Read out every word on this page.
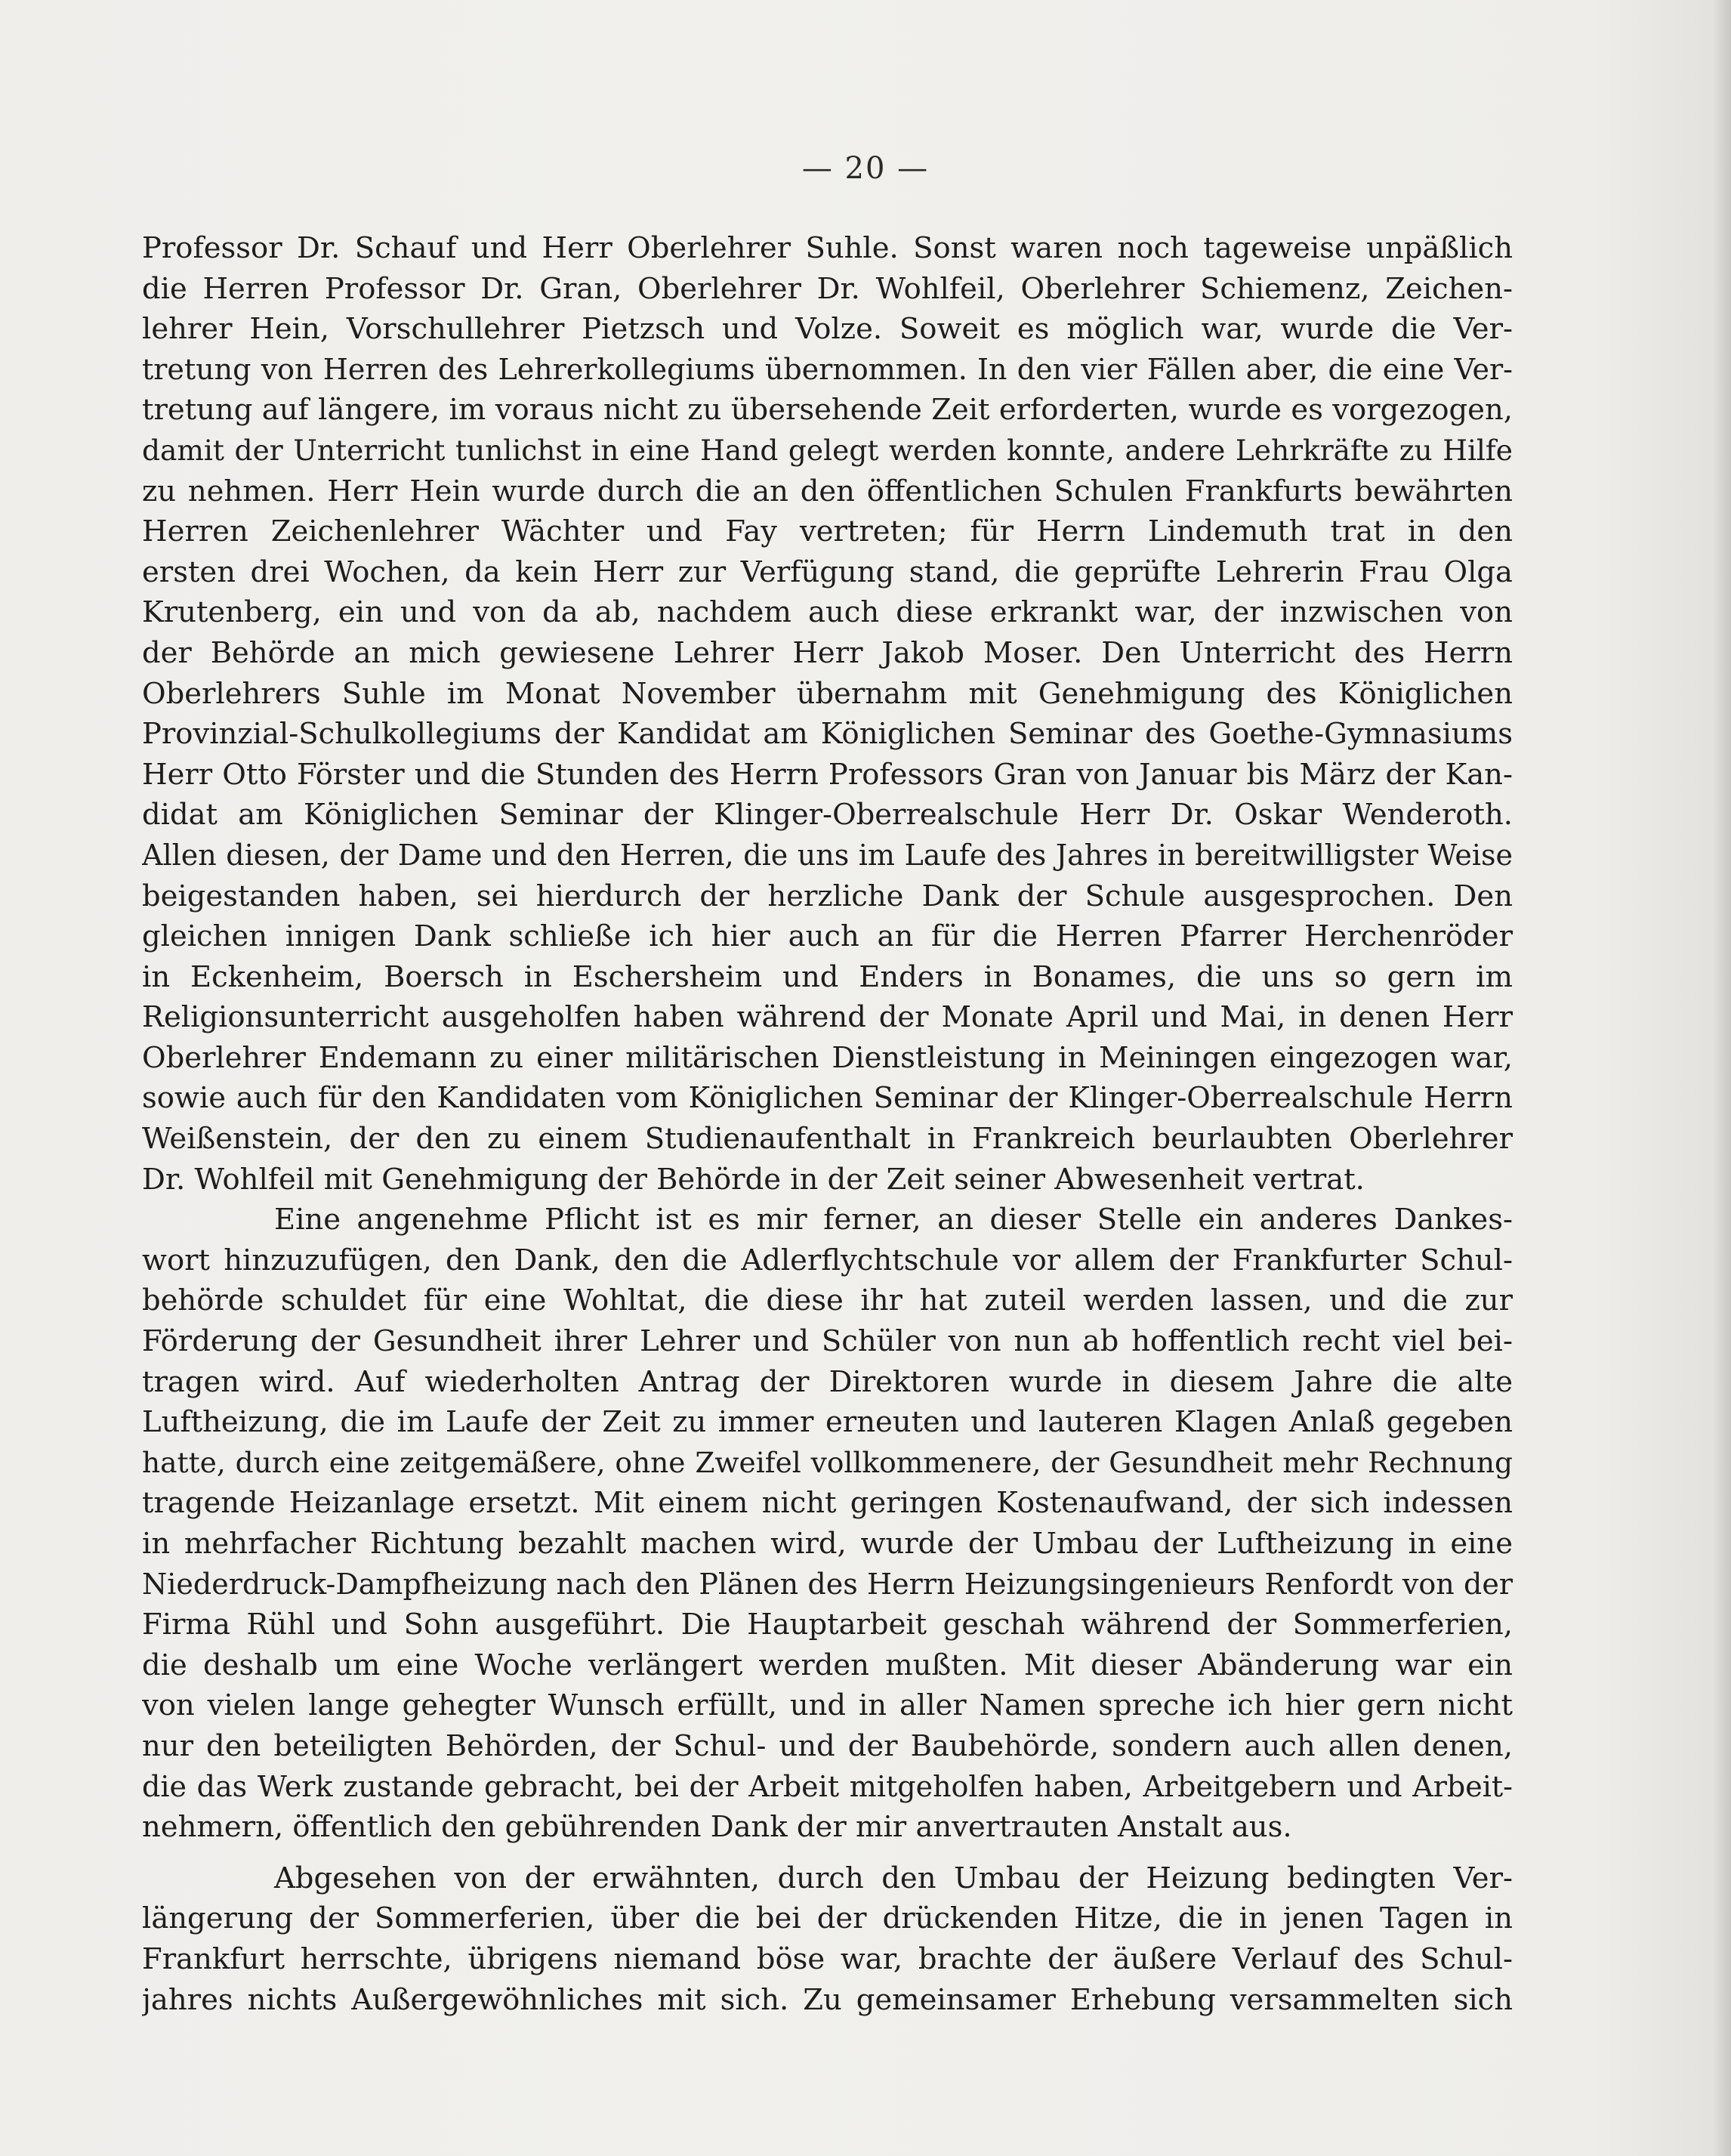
— 20 —
Professor Dr. Schauf und Herr Oberlehrer Suhle. Sonst waren noch tageweise unpäßlich
die Herren Professor Dr. Gran, Oberlehrer Dr. Wohlfeil, Oberlehrer Schiemenz, Zeichen-
lehrer Hein, Vorschullehrer Pietzsch und Volze. Soweit es möglich war, wurde die Ver-
tretung von Herren des Lehrerkollegiums übernommen. In den vier Fällen aber, die eine Ver-
tretung auf längere, im voraus nicht zu übersehende Zeit erforderten, wurde es vorgezogen,
damit der Unterricht tunlichst in eine Hand gelegt werden konnte, andere Lehrkräfte zu Hilfe
zu nehmen. Herr Hein wurde durch die an den öffentlichen Schulen Frankfurts bewährten
Herren Zeichenlehrer Wächter und Fay vertreten; für Herrn Lindemuth trat in den
ersten drei Wochen, da kein Herr zur Verfügung stand, die geprüfte Lehrerin Frau Olga
Krutenberg, ein und von da ab, nachdem auch diese erkrankt war, der inzwischen von
der Behörde an mich gewiesene Lehrer Herr Jakob Moser. Den Unterricht des Herrn
Oberlehrers Suhle im Monat November übernahm mit Genehmigung des Königlichen
Provinzial-Schulkollegiums der Kandidat am Königlichen Seminar des Goethe-Gymnasiums
Herr Otto Förster und die Stunden des Herrn Professors Gran von Januar bis März der Kan-
didat am Königlichen Seminar der Klinger-Oberrealschule Herr Dr. Oskar Wenderoth.
Allen diesen, der Dame und den Herren, die uns im Laufe des Jahres in bereitwilligster Weise
beigestanden haben, sei hierdurch der herzliche Dank der Schule ausgesprochen. Den
gleichen innigen Dank schließe ich hier auch an für die Herren Pfarrer Herchenröder
in Eckenheim, Boersch in Eschersheim und Enders in Bonames, die uns so gern im
Religionsunterricht ausgeholfen haben während der Monate April und Mai, in denen Herr
Oberlehrer Endemann zu einer militärischen Dienstleistung in Meiningen eingezogen war,
sowie auch für den Kandidaten vom Königlichen Seminar der Klinger-Oberrealschule Herrn
Weißenstein, der den zu einem Studienaufenthalt in Frankreich beurlaubten Oberlehrer
Dr. Wohlfeil mit Genehmigung der Behörde in der Zeit seiner Abwesenheit vertrat.
Eine angenehme Pflicht ist es mir ferner, an dieser Stelle ein anderes Dankes-
wort hinzuzufügen, den Dank, den die Adlerflychtschule vor allem der Frankfurter Schul-
behörde schuldet für eine Wohltat, die diese ihr hat zuteil werden lassen, und die zur
Förderung der Gesundheit ihrer Lehrer und Schüler von nun ab hoffentlich recht viel bei-
tragen wird. Auf wiederholten Antrag der Direktoren wurde in diesem Jahre die alte
Luftheizung, die im Laufe der Zeit zu immer erneuten und lauteren Klagen Anlaß gegeben
hatte, durch eine zeitgemäßere, ohne Zweifel vollkommenere, der Gesundheit mehr Rechnung
tragende Heizanlage ersetzt. Mit einem nicht geringen Kostenaufwand, der sich indessen
in mehrfacher Richtung bezahlt machen wird, wurde der Umbau der Luftheizung in eine
Niederdruck-Dampfheizung nach den Plänen des Herrn Heizungsingenieurs Renfordt von der
Firma Rühl und Sohn ausgeführt. Die Hauptarbeit geschah während der Sommerferien,
die deshalb um eine Woche verlängert werden mußten. Mit dieser Abänderung war ein
von vielen lange gehegter Wunsch erfüllt, und in aller Namen spreche ich hier gern nicht
nur den beteiligten Behörden, der Schul- und der Baubehörde, sondern auch allen denen,
die das Werk zustande gebracht, bei der Arbeit mitgeholfen haben, Arbeitgebern und Arbeit-
nehmern, öffentlich den gebührenden Dank der mir anvertrauten Anstalt aus.
Abgesehen von der erwähnten, durch den Umbau der Heizung bedingten Ver-
längerung der Sommerferien, über die bei der drückenden Hitze, die in jenen Tagen in
Frankfurt herrschte, übrigens niemand böse war, brachte der äußere Verlauf des Schul-
jahres nichts Außergewöhnliches mit sich. Zu gemeinsamer Erhebung versammelten sich
